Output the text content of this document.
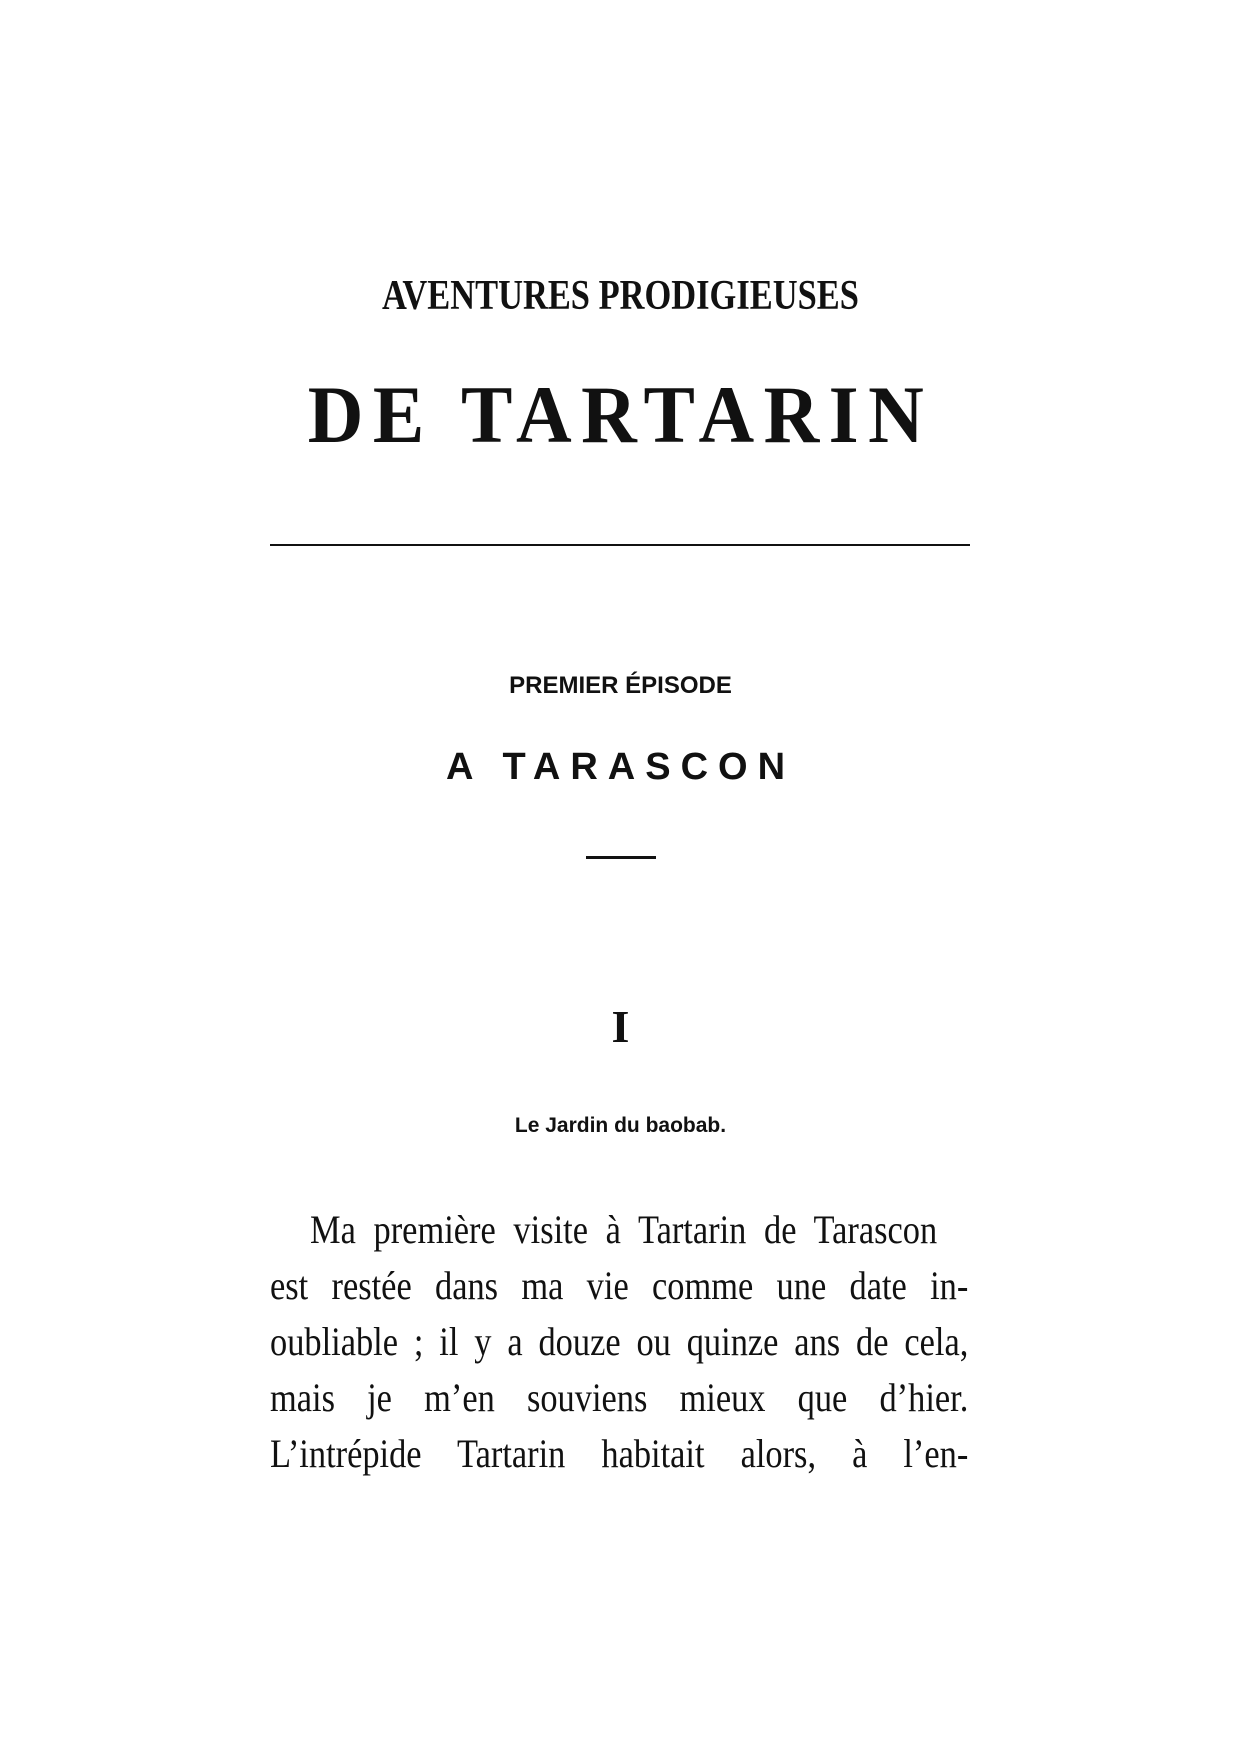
AVENTURES PRODIGIEUSES
DE TARTARIN
PREMIER ÉPISODE
A TARASCON
I
Le Jardin du baobab.
Ma première visite à Tartarin de Tarascon
est restée dans ma vie comme une date in-
oubliable ; il y a douze ou quinze ans de cela,
mais je m’en souviens mieux que d’hier.
L’intrépide Tartarin habitait alors, à l’en-
